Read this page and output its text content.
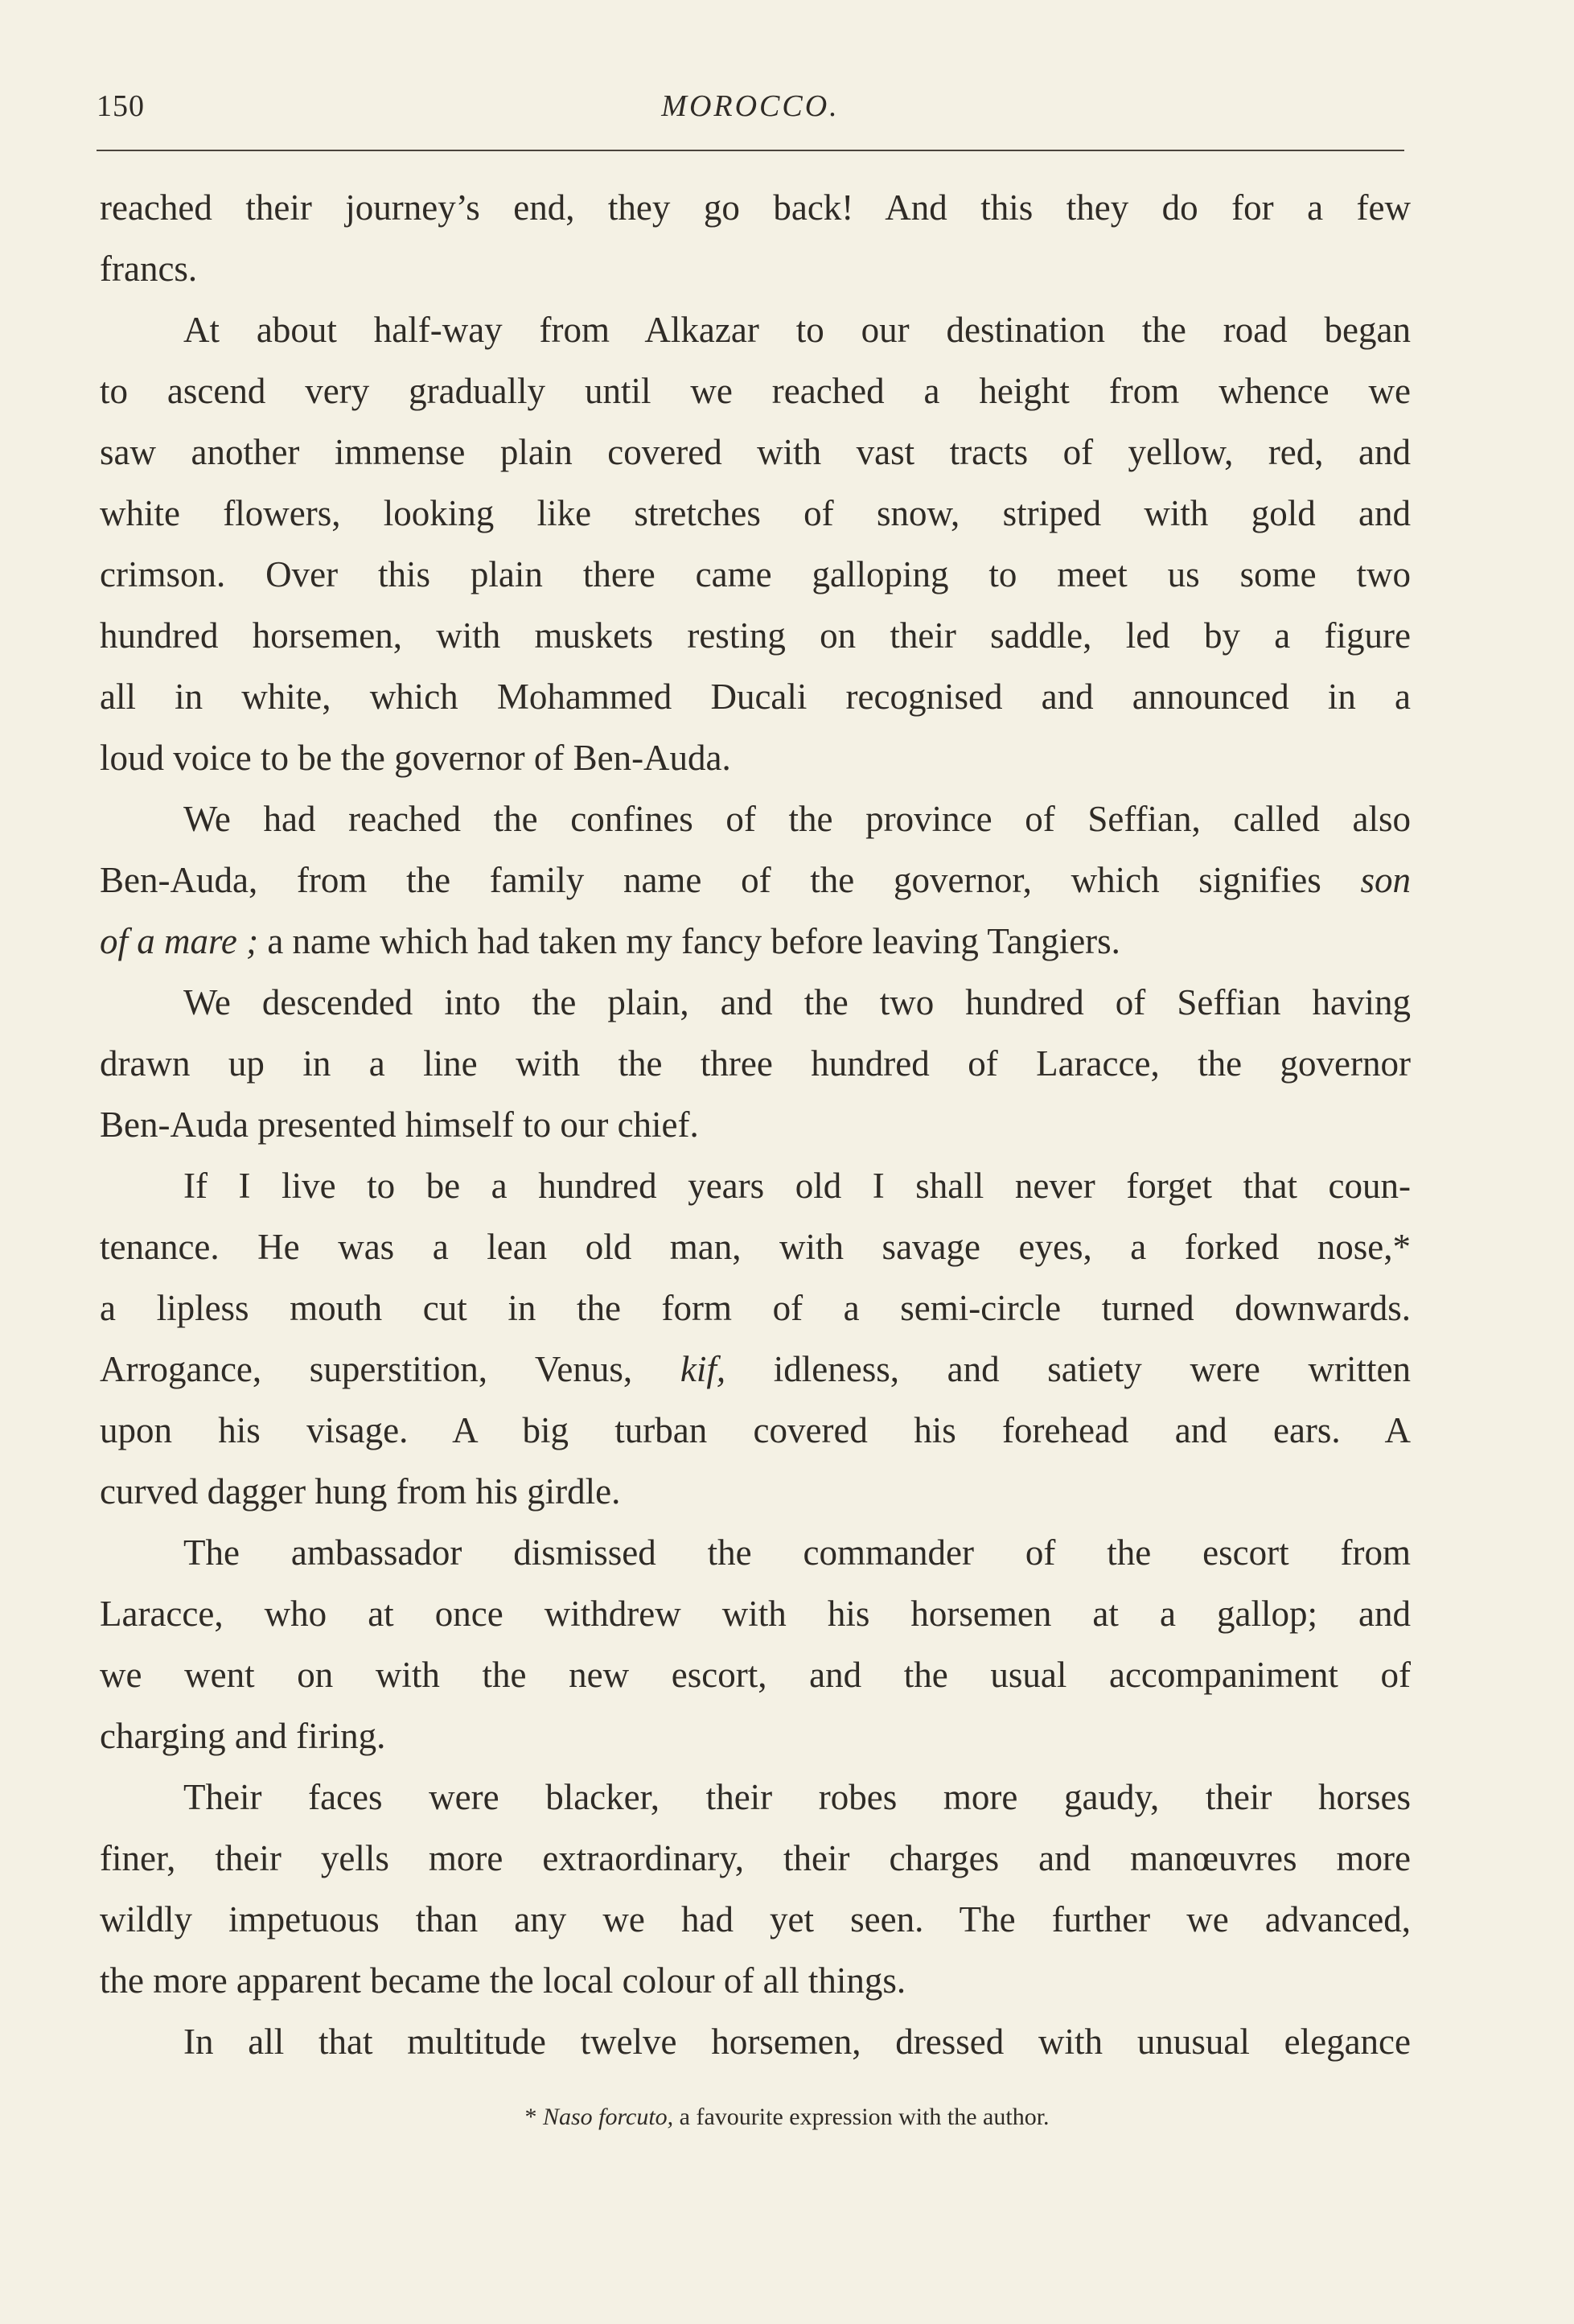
150	MOROCCO.
reached their journey’s end, they go back! And this they do for a few
francs.
At about half-way from Alkazar to our destination the road began
to ascend very gradually until we reached a height from whence we
saw another immense plain covered with vast tracts of yellow, red, and
white flowers, looking like stretches of snow, striped with gold and
crimson. Over this plain there came galloping to meet us some two
hundred horsemen, with muskets resting on their saddle, led by a figure
all in white, which Mohammed Ducali recognised and announced in a
loud voice to be the governor of Ben-Auda.
We had reached the confines of the province of Seffian, called also
Ben-Auda, from the family name of the governor, which signifies son
of a mare ; a name which had taken my fancy before leaving Tangiers.
We descended into the plain, and the two hundred of Seffian having
drawn up in a line with the three hundred of Laracce, the governor
Ben-Auda presented himself to our chief.
If I live to be a hundred years old I shall never forget that coun-
tenance. He was a lean old man, with savage eyes, a forked nose,*
a lipless mouth cut in the form of a semi-circle turned downwards.
Arrogance, superstition, Venus, kif, idleness, and satiety were written
upon his visage. A big turban covered his forehead and ears. A
curved dagger hung from his girdle.
The ambassador dismissed the commander of the escort from
Laracce, who at once withdrew with his horsemen at a gallop; and
we went on with the new escort, and the usual accompaniment of
charging and firing.
Their faces were blacker, their robes more gaudy, their horses
finer, their yells more extraordinary, their charges and manœuvres more
wildly impetuous than any we had yet seen. The further we advanced,
the more apparent became the local colour of all things.
In all that multitude twelve horsemen, dressed with unusual elegance
* Naso forcuto, a favourite expression with the author.
